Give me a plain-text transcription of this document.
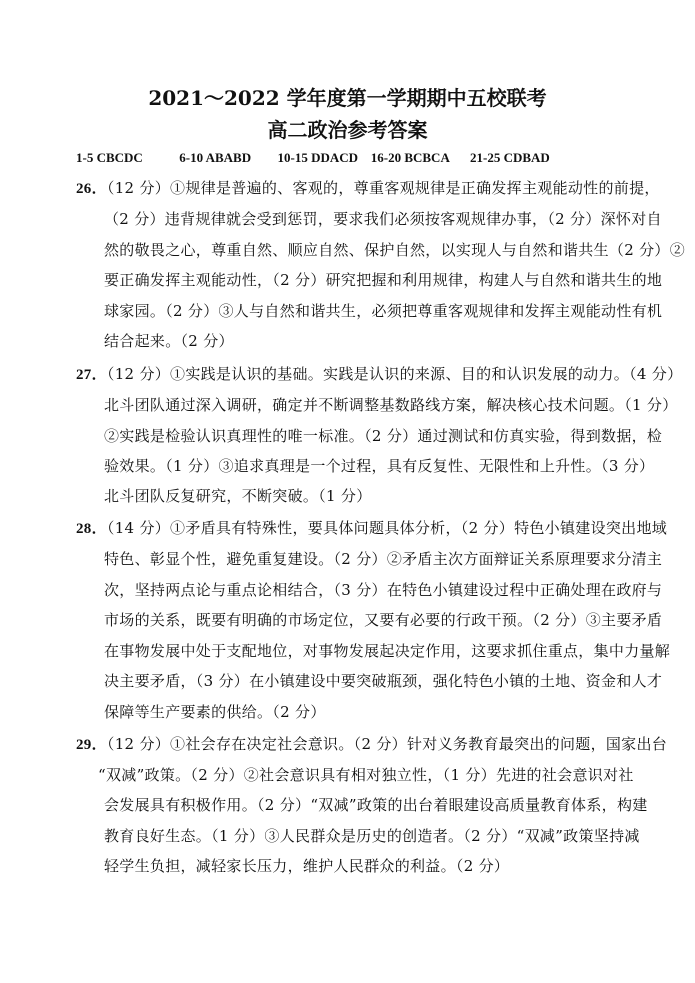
2021～2022 学年度第一学期期中五校联考
高二政治参考答案
1-5 CBCDC	6-10 ABABD 10-15 DDACD 16-20 BCBCA 21-25 CDBAD
26．（12 分）①规律是普遍的、客观的，尊重客观规律是正确发挥主观能动性的前提，
（2 分）违背规律就会受到惩罚，要求我们必须按客观规律办事，（2 分）深怀对自
然的敬畏之心，尊重自然、顺应自然、保护自然，以实现人与自然和谐共生（2 分）②
要正确发挥主观能动性，（2 分）研究把握和利用规律，构建人与自然和谐共生的地
球家园。（2 分）③人与自然和谐共生，必须把尊重客观规律和发挥主观能动性有机
结合起来。（2 分）
27．（12 分）①实践是认识的基础。实践是认识的来源、目的和认识发展的动力。（4 分）
北斗团队通过深入调研，确定并不断调整基数路线方案，解决核心技术问题。（1 分）
②实践是检验认识真理性的唯一标准。（2 分）通过测试和仿真实验，得到数据，检
验效果。（1 分）③追求真理是一个过程，具有反复性、无限性和上升性。（3 分）
北斗团队反复研究，不断突破。（1 分）
28．（14 分）①矛盾具有特殊性，要具体问题具体分析，（2 分）特色小镇建设突出地域
特色、彰显个性，避免重复建设。（2 分）②矛盾主次方面辩证关系原理要求分清主
次，坚持两点论与重点论相结合，（3 分）在特色小镇建设过程中正确处理在政府与
市场的关系，既要有明确的市场定位，又要有必要的行政干预。（2 分）③主要矛盾
在事物发展中处于支配地位，对事物发展起决定作用，这要求抓住重点，集中力量解
决主要矛盾，（3 分）在小镇建设中要突破瓶颈，强化特色小镇的土地、资金和人才
保障等生产要素的供给。（2 分）
29．（12 分）①社会存在决定社会意识。（2 分）针对义务教育最突出的问题，国家出台
“双减”政策。（2 分）②社会意识具有相对独立性，（1 分）先进的社会意识对社
会发展具有积极作用。（2 分）“双减”政策的出台着眼建设高质量教育体系，构建
教育良好生态。（1 分）③人民群众是历史的创造者。（2 分）“双减”政策坚持减
轻学生负担，减轻家长压力，维护人民群众的利益。（2 分）
